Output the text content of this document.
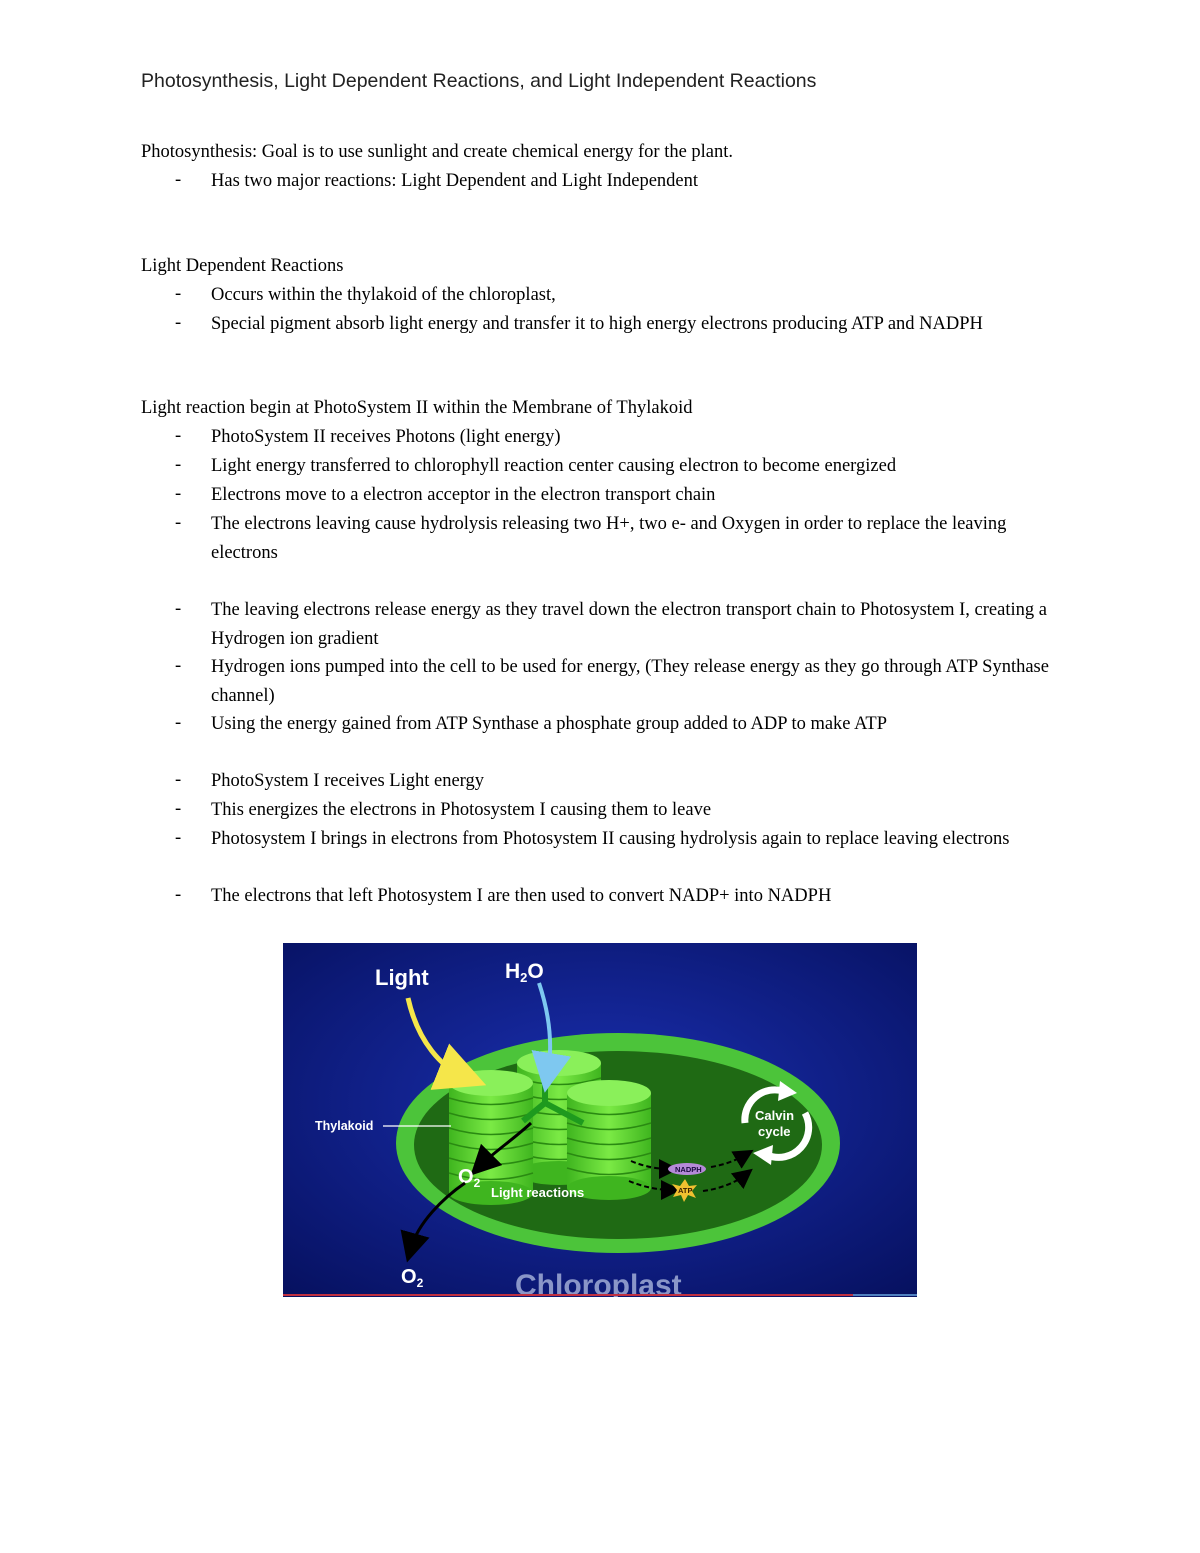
Photosynthesis, Light Dependent Reactions, and Light Independent Reactions
Photosynthesis: Goal is to use sunlight and create chemical energy for the plant.
- Has two major reactions: Light Dependent and Light Independent
Light Dependent Reactions
- Occurs within the thylakoid of the chloroplast,
- Special pigment absorb light energy and transfer it to high energy electrons producing ATP and NADPH
Light reaction begin at PhotoSystem II within the Membrane of Thylakoid
- PhotoSystem II receives Photons (light energy)
- Light energy transferred to chlorophyll reaction center causing electron to become energized
- Electrons move to a electron acceptor in the electron transport chain
- The electrons leaving cause hydrolysis releasing two H+, two e- and Oxygen in order to replace the leaving electrons
- The leaving electrons release energy as they travel down the electron transport chain to Photosystem I, creating a Hydrogen ion gradient
- Hydrogen ions pumped into the cell to be used for energy, (They release energy as they go through ATP Synthase channel)
- Using the energy gained from ATP Synthase a phosphate group added to ADP to make ATP
- PhotoSystem I receives Light energy
- This energizes the electrons in Photosystem I causing them to leave
- Photosystem I brings in electrons from Photosystem II causing hydrolysis again to replace leaving electrons
- The electrons that left Photosystem I are then used to convert NADP+ into NADPH
Light	H2O
Thylakoid
$O_2$
$O_2$
Light reactions
NADPH
ATP
Calvin
cycle
Chloroplast
